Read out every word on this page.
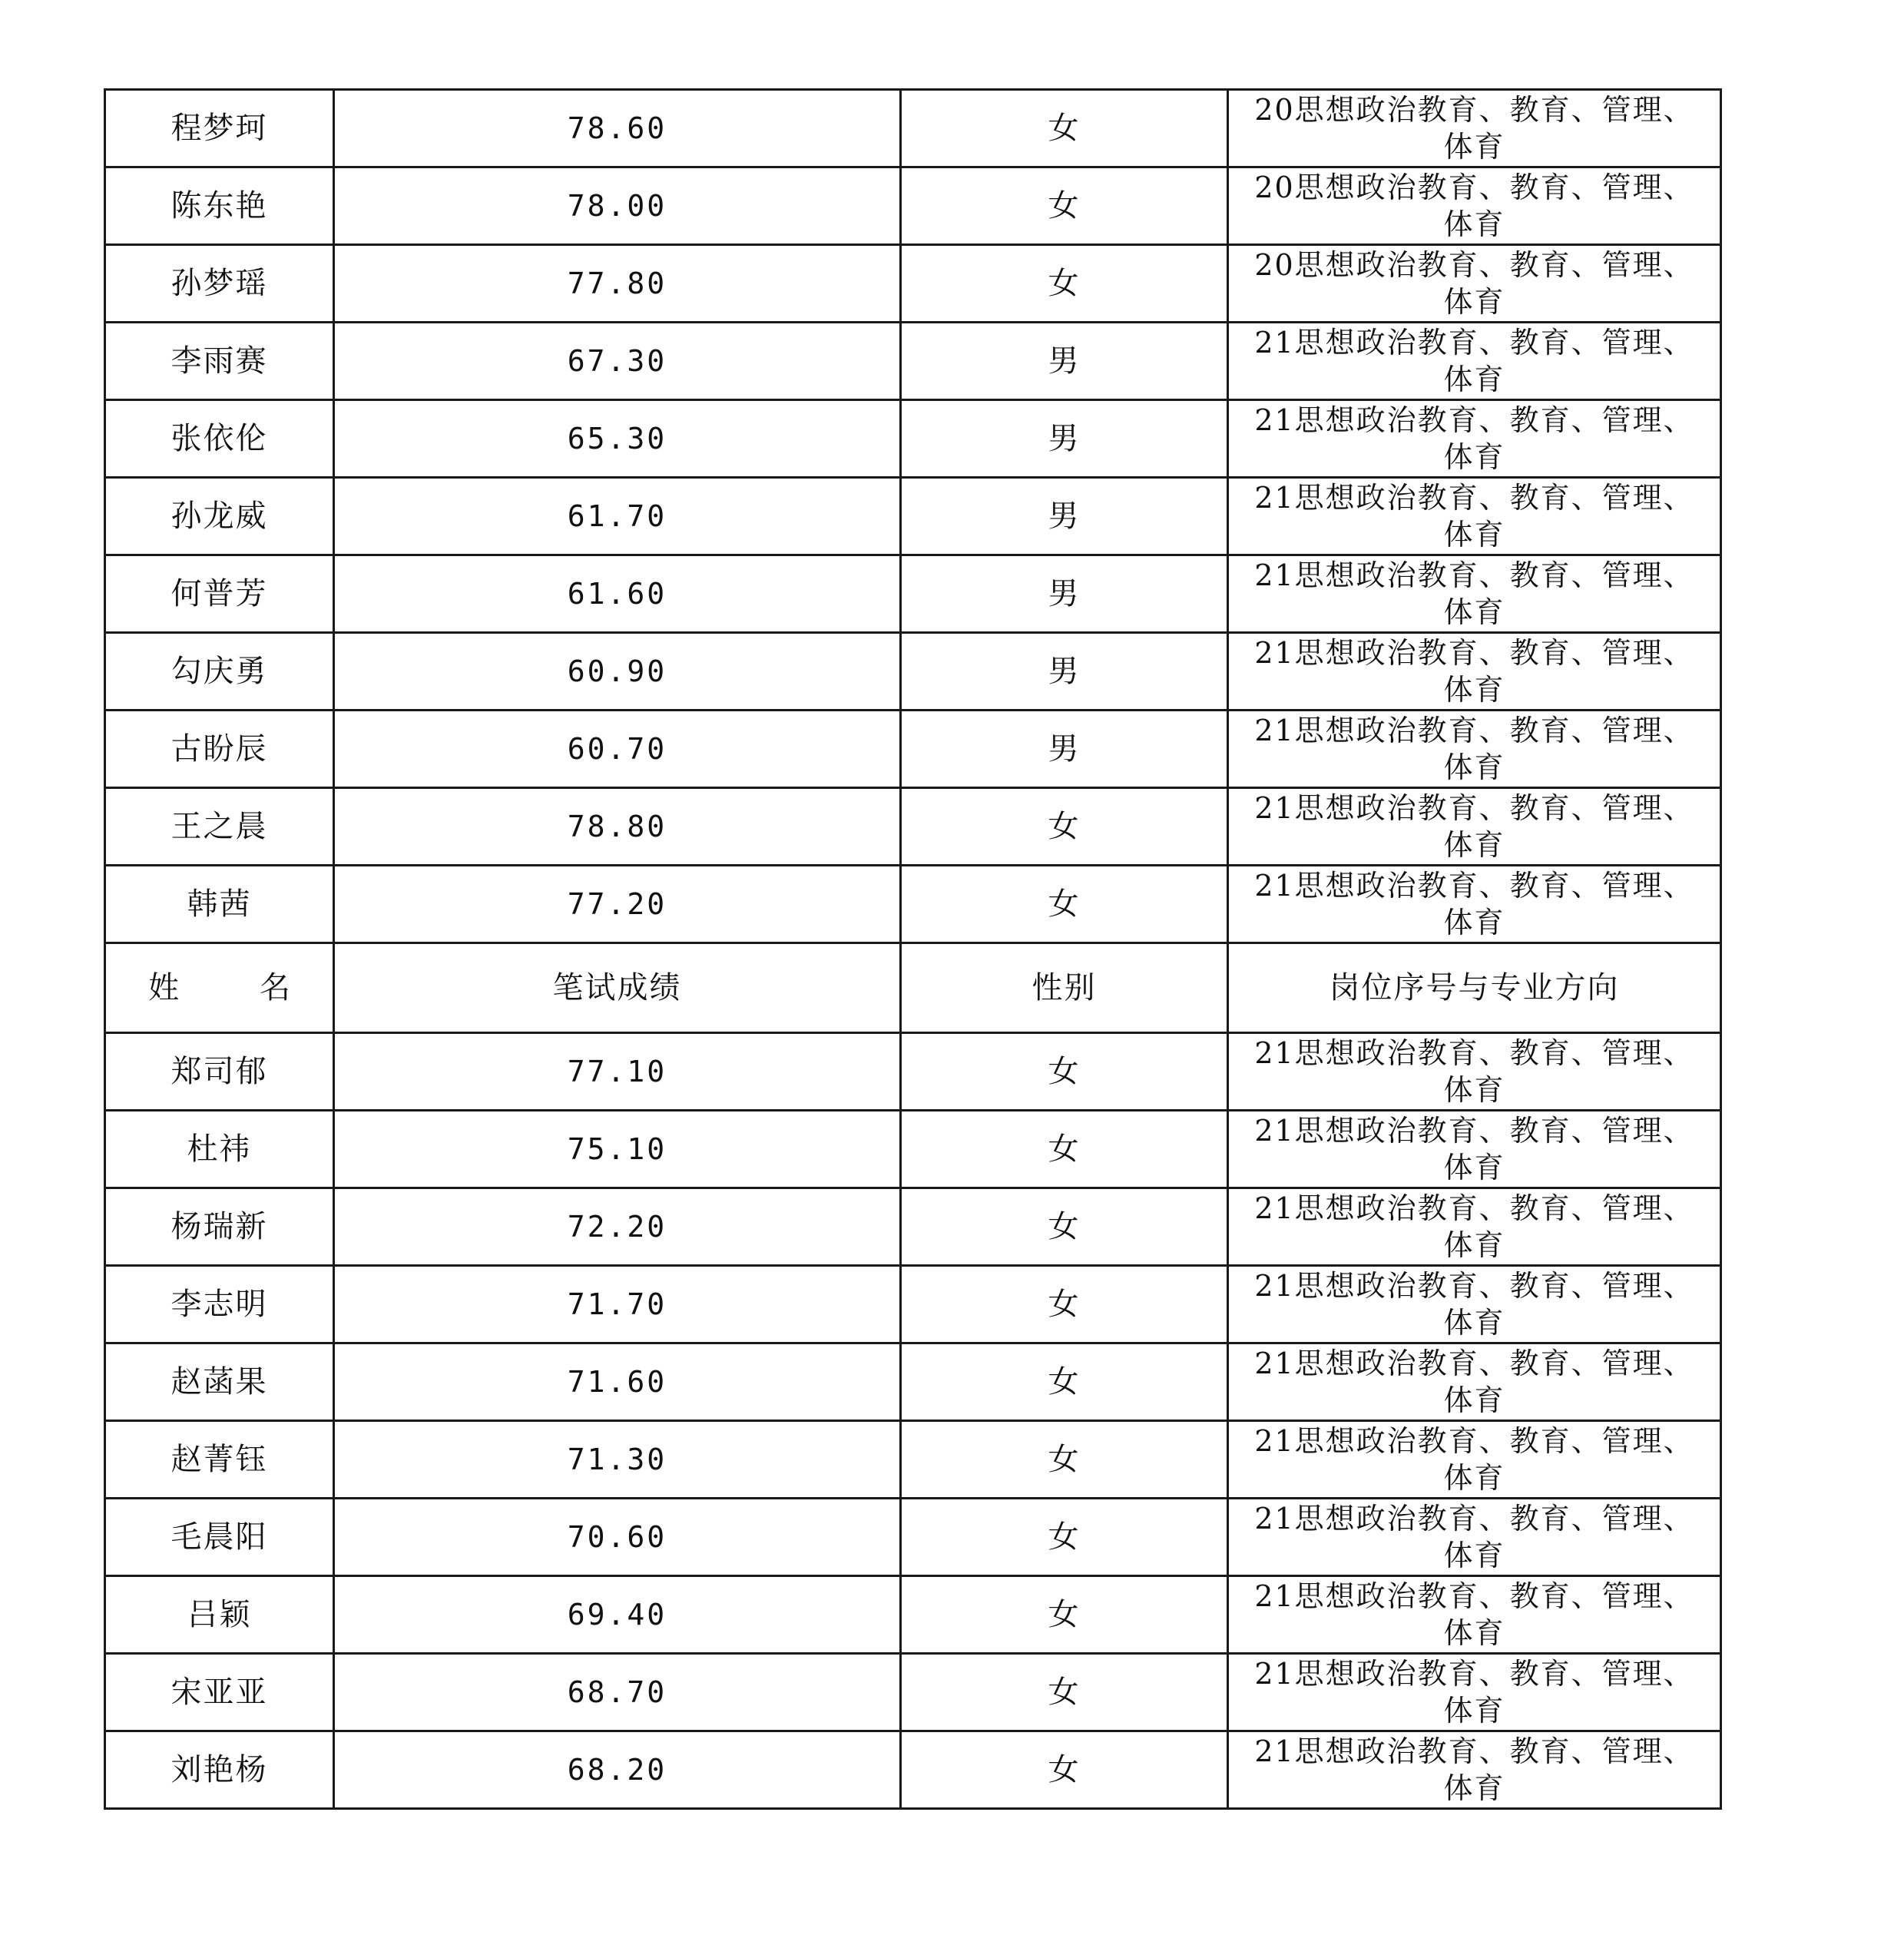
程梦珂	78.60	女	20思想政治教育、教育、管理、体育

陈东艳	78.00	女	20思想政治教育、教育、管理、体育

孙梦瑶	77.80	女	20思想政治教育、教育、管理、体育

李雨赛	67.30	男	21思想政治教育、教育、管理、体育

张依伦	65.30	男	21思想政治教育、教育、管理、体育

孙龙威	61.70	男	21思想政治教育、教育、管理、体育

何普芳	61.60	男	21思想政治教育、教育、管理、体育

勾庆勇	60.90	男	21思想政治教育、教育、管理、体育

古盼辰	60.70	男	21思想政治教育、教育、管理、体育

王之晨	78.80	女	21思想政治教育、教育、管理、体育

韩茜	77.20	女	21思想政治教育、教育、管理、体育

姓 名	笔试成绩	性别	岗位序号与专业方向
郑司郁	77.10	女	21思想政治教育、教育、管理、体育

杜祎	75.10	女	21思想政治教育、教育、管理、体育

杨瑞新	72.20	女	21思想政治教育、教育、管理、体育

李志明	71.70	女	21思想政治教育、教育、管理、体育

赵菡果	71.60	女	21思想政治教育、教育、管理、体育

赵菁钰	71.30	女	21思想政治教育、教育、管理、体育

毛晨阳	70.60	女	21思想政治教育、教育、管理、体育

吕颖	69.40	女	21思想政治教育、教育、管理、体育

宋亚亚	68.70	女	21思想政治教育、教育、管理、体育

刘艳杨	68.20	女	21思想政治教育、教育、管理、体育
